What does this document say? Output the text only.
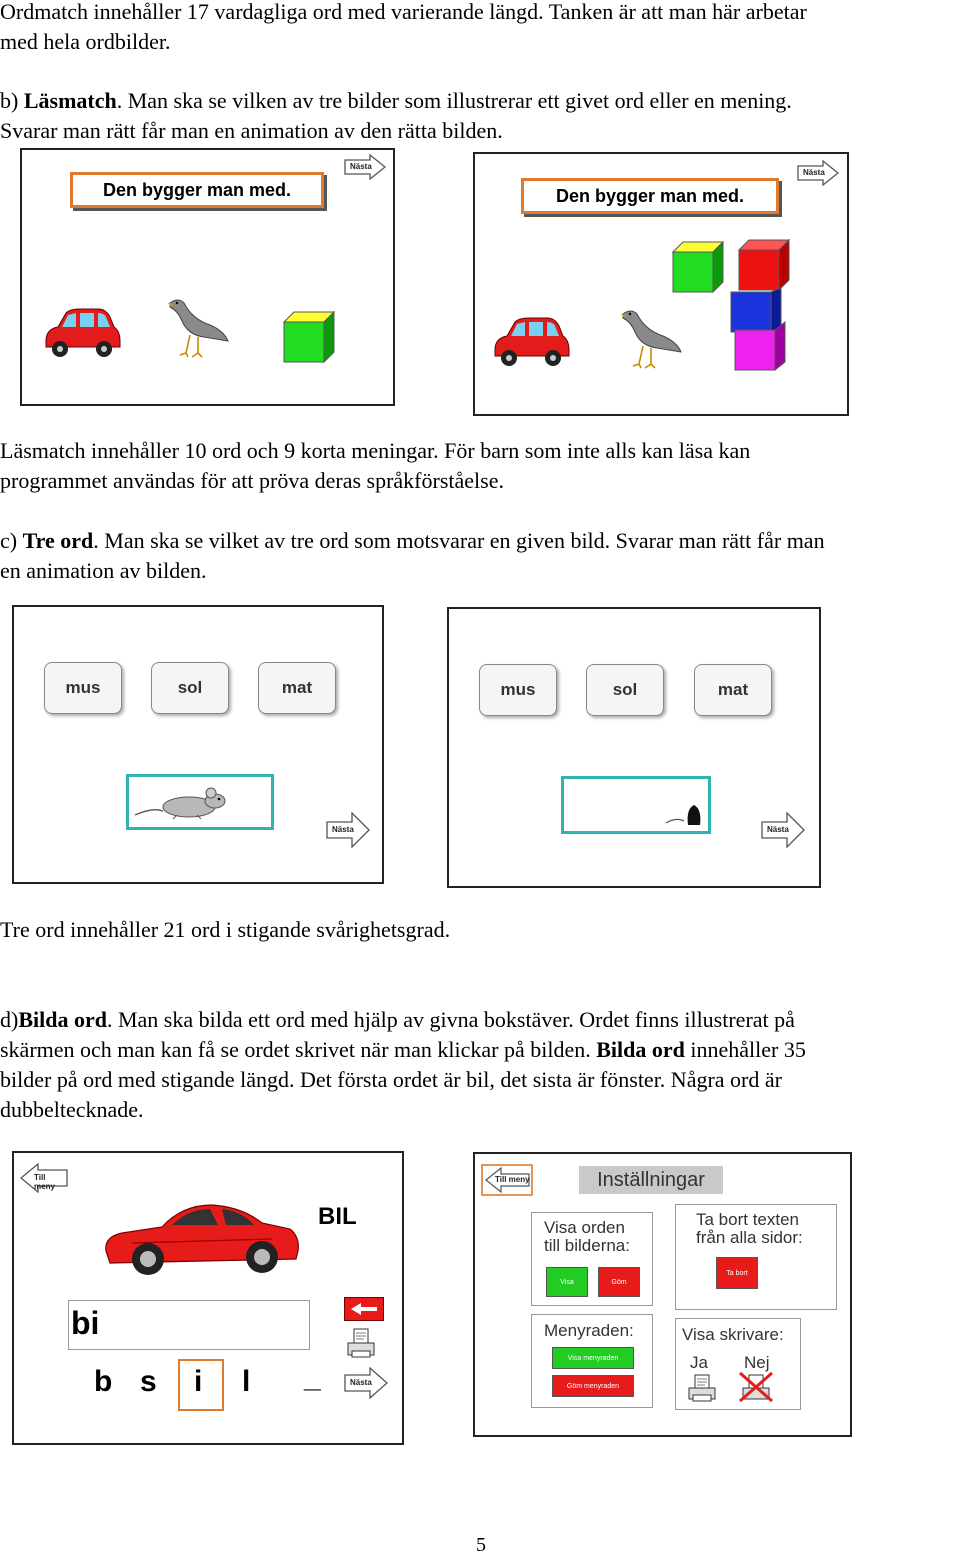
Ordmatch innehåller 17 vardagliga ord med varierande längd. Tanken är att man här arbetar
med hela ordbilder.
b) Läsmatch. Man ska se vilken av tre bilder som illustrerar ett givet ord eller en mening.
Svarar man rätt får man en animation av den rätta bilden.
Den bygger man med.
Nästa
Den bygger man med.
Nästa
Läsmatch innehåller 10 ord och 9 korta meningar. För barn som inte alls kan läsa kan
programmet användas för att pröva deras språkförståelse.
c) Tre ord. Man ska se vilket av tre ord som motsvarar en given bild. Svarar man rätt får man
en animation av bilden.
mus	sol	mat
Nästa
mus	sol	mat
Nästa
Tre ord innehåller 21 ord i stigande svårighetsgrad.
d)Bilda ord. Man ska bilda ett ord med hjälp av givna bokstäver. Ordet finns illustrerat på
skärmen och man kan få se ordet skrivet när man klickar på bilden. Bilda ord innehåller 35
bilder på ord med stigande längd. Det första ordet är bil, det sista är fönster. Några ord är
dubbeltecknade.
Till meny
BIL
bi
b s i l _	Nästa
Till meny	Inställningar
Visa orden
till bilderna:
Visa	Göm
Ta bort texten
från alla sidor:
Ta bort
Menyraden:
Visa menyraden
Göm menyraden
Visa skrivare:
Ja Nej
5
